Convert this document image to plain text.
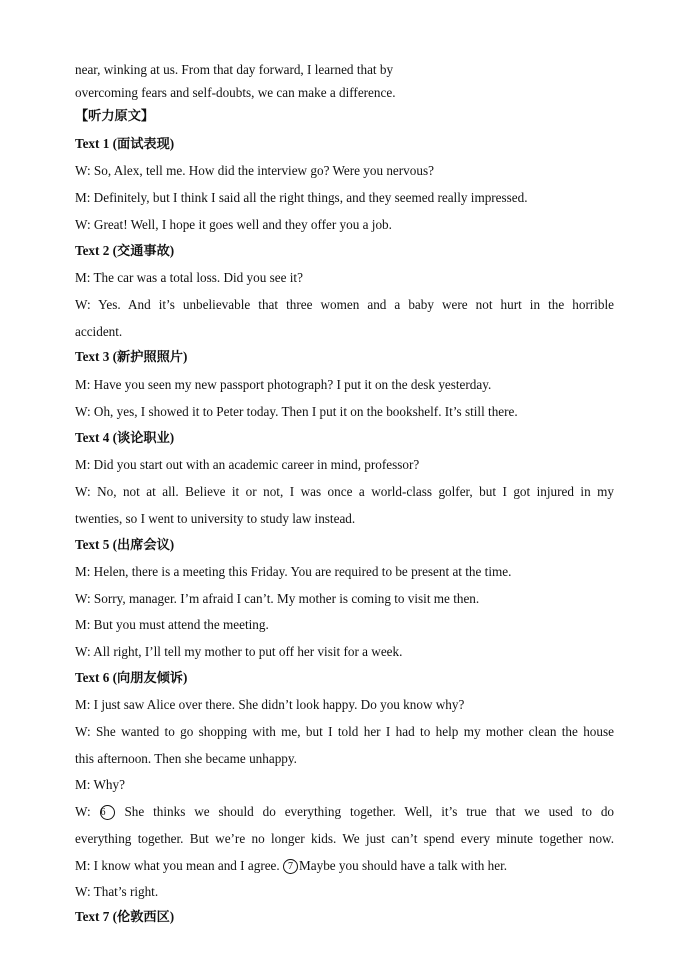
near, winking at us. From that day forward, I learned that by
overcoming fears and self-doubts, we can make a difference.
【听力原文】
Text 1 (面试表现)
W: So, Alex, tell me. How did the interview go? Were you nervous?
M: Definitely, but I think I said all the right things, and they seemed really impressed.
W: Great! Well, I hope it goes well and they offer you a job.
Text 2 (交通事故)
M: The car was a total loss. Did you see it?
W: Yes. And it’s unbelievable that three women and a baby were not hurt in the horrible
accident.
Text 3 (新护照照片)
M: Have you seen my new passport photograph? I put it on the desk yesterday.
W: Oh, yes, I showed it to Peter today. Then I put it on the bookshelf. It’s still there.
Text 4 (谈论职业)
M: Did you start out with an academic career in mind, professor?
W: No, not at all. Believe it or not, I was once a world-class golfer, but I got injured in my
twenties, so I went to university to study law instead.
Text 5 (出席会议)
M: Helen, there is a meeting this Friday. You are required to be present at the time.
W: Sorry, manager. I’m afraid I can’t. My mother is coming to visit me then.
M: But you must attend the meeting.
W: All right, I’ll tell my mother to put off her visit for a week.
Text 6 (向朋友倾诉)
M: I just saw Alice over there. She didn’t look happy. Do you know why?
W: She wanted to go shopping with me, but I told her I had to help my mother clean the house
this afternoon. Then she became unhappy.
M: Why?
W: 6 She thinks we should do everything together. Well, it’s true that we used to do
everything together. But we’re no longer kids. We just can’t spend every minute together now.
M: I know what you mean and I agree. 7 Maybe you should have a talk with her.
W: That’s right.
Text 7 (伦敦西区)
